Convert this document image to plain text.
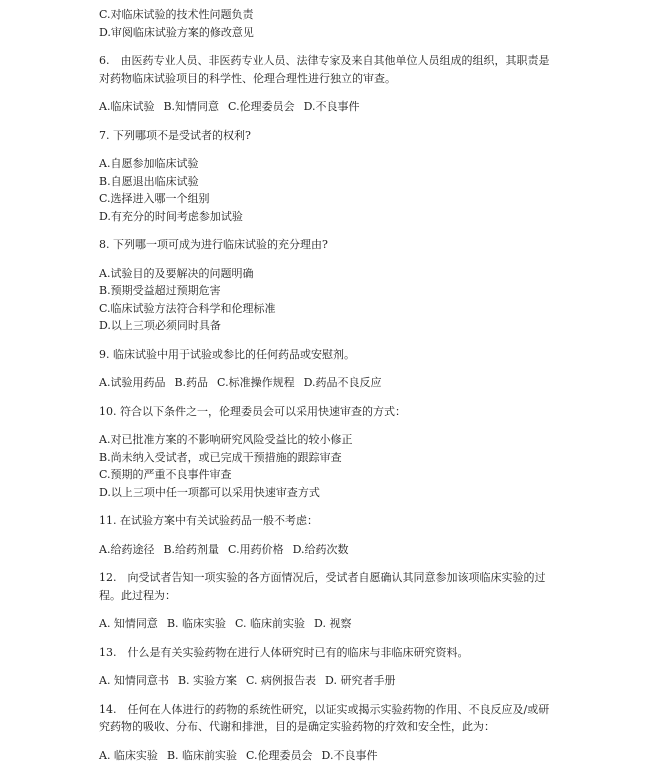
C.对临床试验的技术性问题负责
D.审阅临床试验方案的修改意见
6.　由医药专业人员、非医药专业人员、法律专家及来自其他单位人员组成的组织，其职责是对药物临床试验项目的科学性、伦理合理性进行独立的审查。
A.临床试验 B.知情同意 C.伦理委员会 D.不良事件
7. 下列哪项不是受试者的权利?
A.自愿参加临床试验
B.自愿退出临床试验
C.选择进入哪一个组别
D.有充分的时间考虑参加试验
8. 下列哪一项可成为进行临床试验的充分理由?
A.试验目的及要解决的问题明确
B.预期受益超过预期危害
C.临床试验方法符合科学和伦理标准
D.以上三项必须同时具备
9. 临床试验中用于试验或参比的任何药品或安慰剂。
A.试验用药品 B.药品 C.标准操作规程 D.药品不良反应
10. 符合以下条件之一，伦理委员会可以采用快速审查的方式：
A.对已批准方案的不影响研究风险受益比的较小修正
B.尚未纳入受试者，或已完成干预措施的跟踪审查
C.预期的严重不良事件审查
D.以上三项中任一项都可以采用快速审查方式
11. 在试验方案中有关试验药品一般不考虑：
A.给药途径 B.给药剂量 C.用药价格 D.给药次数
12.　向受试者告知一项实验的各方面情况后，受试者自愿确认其同意参加该项临床实验的过程。此过程为：
A. 知情同意 B. 临床实验 C. 临床前实验 D. 视察
13.　什么是有关实验药物在进行人体研究时已有的临床与非临床研究资料。
A. 知情同意书 B. 实验方案 C. 病例报告表 D. 研究者手册
14.　任何在人体进行的药物的系统性研究，以证实或揭示实验药物的作用、不良反应及/或研究药物的吸收、分布、代谢和排泄，目的是确定实验药物的疗效和安全性，此为：
A. 临床实验 B. 临床前实验 C.伦理委员会 D.不良事件
